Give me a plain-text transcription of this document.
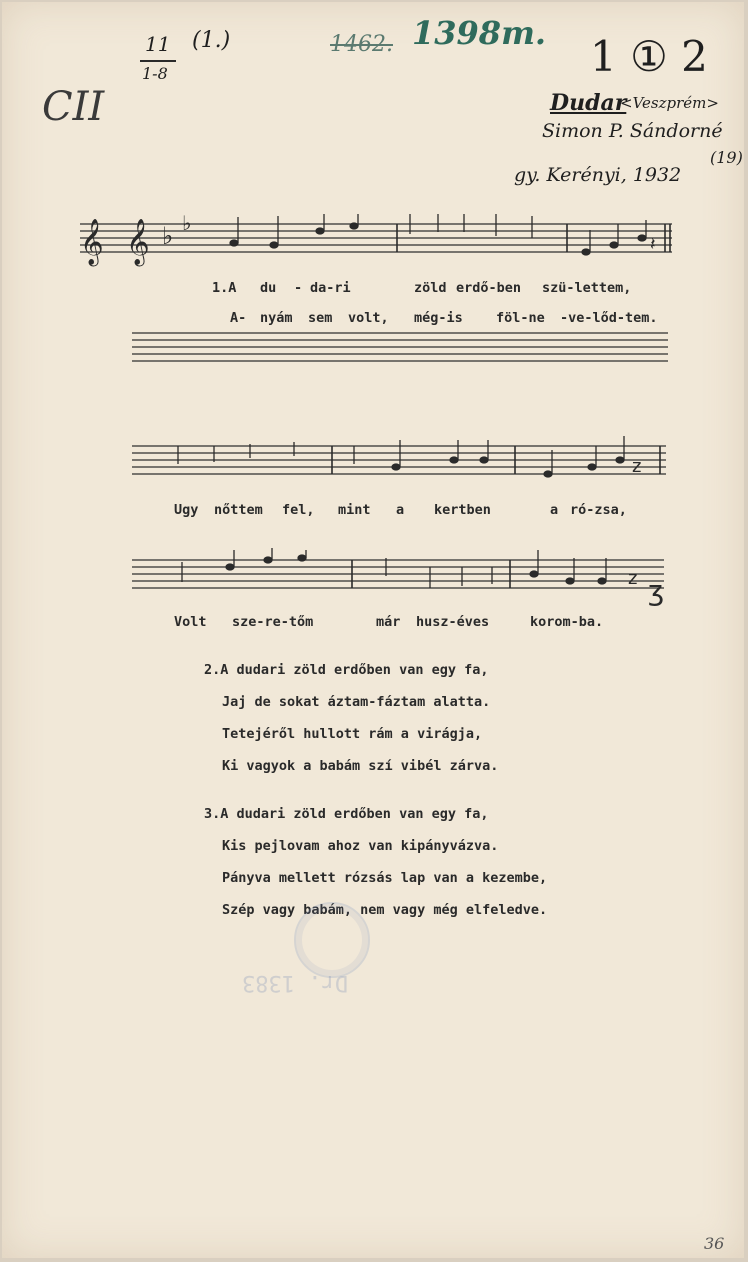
11
1-8
(1.)
CII
1462. 1398m. 1 ① 2
Dudar
<Veszprém>
Simon P. Sándorné
(19)
gy. Kerényi, 1932
𝄞 𝄞 ♭ ♭
𝄽
z
z ʒ
1.A du - da-ri	zöld erdő-ben szü-lettem,
A- nyám sem volt, még-is föl-ne -ve-lőd-tem.
Ugy nőttem fel, mint a kertben	a ró-zsa,
Volt sze-re-tőm	már husz-éves	korom-ba.
2.A dudari zöld erdőben van egy fa,
Jaj de sokat áztam-fáztam alatta.
Tetejéről hullott rám a virágja,
Ki vagyok a babám szí vibél zárva.
3.A dudari zöld erdőben van egy fa,
Kis pejlovam ahoz van kipányvázva.
Pányva mellett rózsás lap van a kezembe,
Szép vagy babám, nem vagy még elfeledve.
Dr. 1383
36
